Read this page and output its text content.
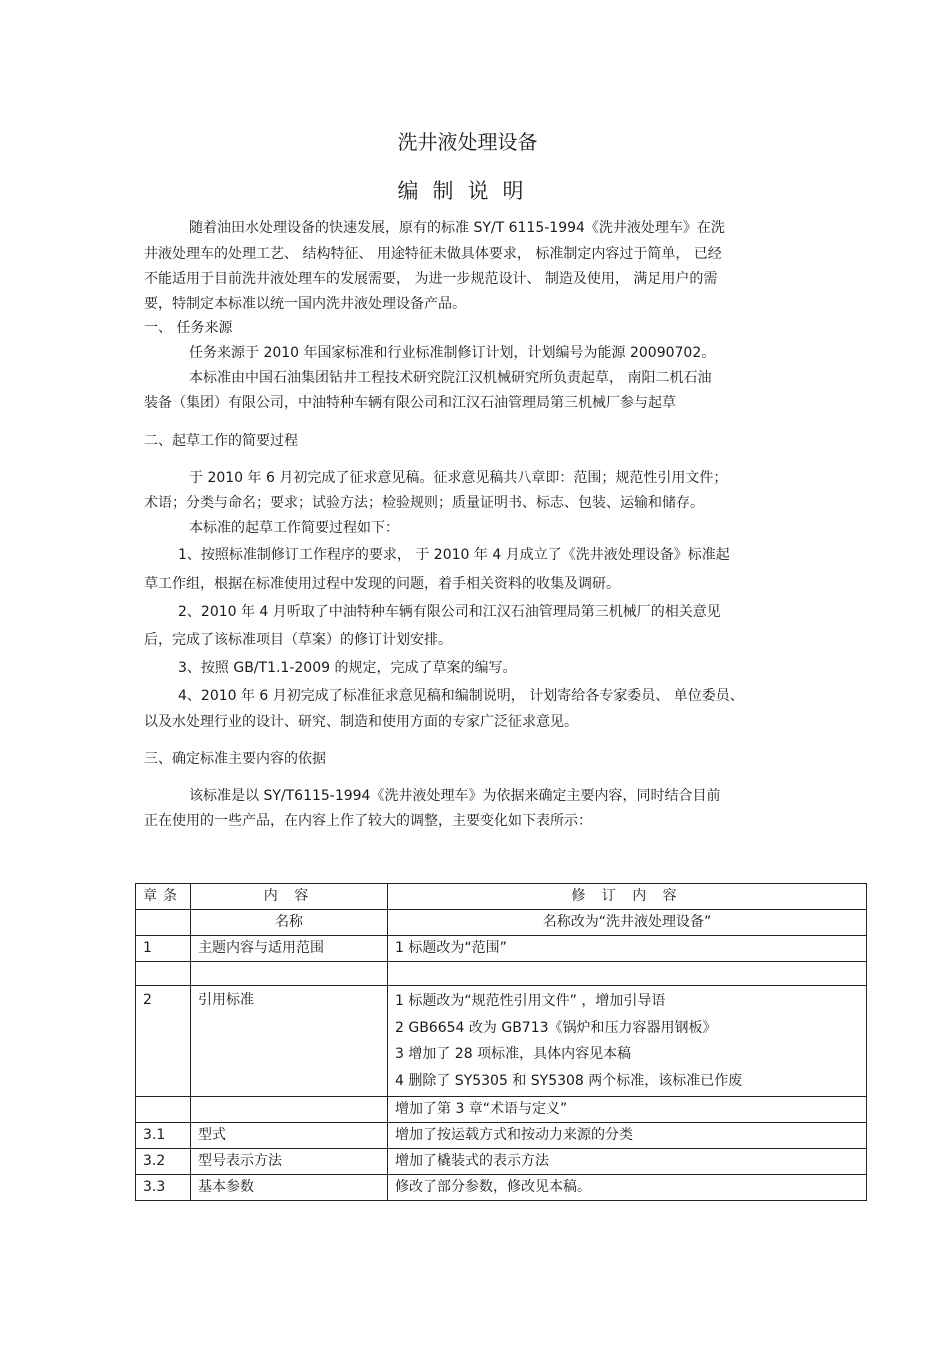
洗井液处理设备
编制说明
随着油田水处理设备的快速发展，原有的标准 SY/T 6115-1994《洗井液处理车》在洗
井液处理车的处理工艺、 结构特征、 用途特征未做具体要求， 标准制定内容过于简单， 已经
不能适用于目前洗井液处理车的发展需要， 为进一步规范设计、 制造及使用， 满足用户的需
要，特制定本标准以统一国内洗井液处理设备产品。
一、 任务来源
任务来源于 2010 年国家标准和行业标准制修订计划，计划编号为能源 20090702。
本标准由中国石油集团钻井工程技术研究院江汉机械研究所负责起草， 南阳二机石油
装备（集团）有限公司，中油特种车辆有限公司和江汉石油管理局第三机械厂参与起草
二、起草工作的简要过程
于 2010 年 6 月初完成了征求意见稿。征求意见稿共八章即：范围；规范性引用文件；
术语；分类与命名；要求；试验方法；检验规则；质量证明书、标志、包装、运输和储存。
本标准的起草工作简要过程如下：
1、按照标准制修订工作程序的要求， 于 2010 年 4 月成立了《洗井液处理设备》标准起
草工作组，根据在标准使用过程中发现的问题，着手相关资料的收集及调研。
2、2010 年 4 月听取了中油特种车辆有限公司和江汉石油管理局第三机械厂的相关意见
后，完成了该标准项目（草案）的修订计划安排。
3、按照 GB/T1.1-2009 的规定，完成了草案的编写。
4、2010 年 6 月初完成了标准征求意见稿和编制说明， 计划寄给各专家委员、 单位委员、
以及水处理行业的设计、研究、制造和使用方面的专家广泛征求意见。
三、确定标准主要内容的依据
该标准是以 SY/T6115-1994《洗井液处理车》为依据来确定主要内容，同时结合目前
正在使用的一些产品，在内容上作了较大的调整，主要变化如下表所示：
章条	内 容	修 订 内 容
	名称	名称改为“洗井液处理设备”
1	主题内容与适用范围	1 标题改为“范围”

2	引用标准	1 标题改为“规范性引用文件” ，增加引导语
2 GB6654 改为 GB713《锅炉和压力容器用钢板》
3 增加了 28 项标准，具体内容见本稿
4 删除了 SY5305 和 SY5308 两个标准，该标准已作废

		增加了第 3 章“术语与定义”
3.1	型式	增加了按运载方式和按动力来源的分类
3.2	型号表示方法	增加了橇装式的表示方法
3.3	基本参数	修改了部分参数，修改见本稿。
